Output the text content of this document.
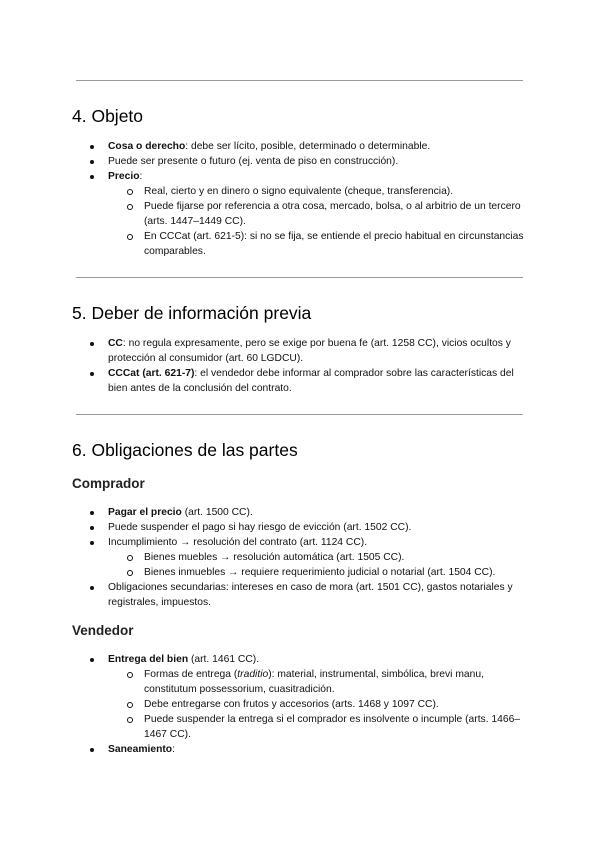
4. Objeto
Cosa o derecho: debe ser lícito, posible, determinado o determinable.
Puede ser presente o futuro (ej. venta de piso en construcción).
Precio:
Real, cierto y en dinero o signo equivalente (cheque, transferencia).
Puede fijarse por referencia a otra cosa, mercado, bolsa, o al arbitrio de un tercero (arts. 1447–1449 CC).
En CCCat (art. 621-5): si no se fija, se entiende el precio habitual en circunstancias comparables.
5. Deber de información previa
CC: no regula expresamente, pero se exige por buena fe (art. 1258 CC), vicios ocultos y protección al consumidor (art. 60 LGDCU).
CCCat (art. 621-7): el vendedor debe informar al comprador sobre las características del bien antes de la conclusión del contrato.
6. Obligaciones de las partes
Comprador
Pagar el precio (art. 1500 CC).
Puede suspender el pago si hay riesgo de evicción (art. 1502 CC).
Incumplimiento → resolución del contrato (art. 1124 CC).
Bienes muebles → resolución automática (art. 1505 CC).
Bienes inmuebles → requiere requerimiento judicial o notarial (art. 1504 CC).
Obligaciones secundarias: intereses en caso de mora (art. 1501 CC), gastos notariales y registrales, impuestos.
Vendedor
Entrega del bien (art. 1461 CC).
Formas de entrega (traditio): material, instrumental, simbólica, brevi manu, constitutum possessorium, cuasitradición.
Debe entregarse con frutos y accesorios (arts. 1468 y 1097 CC).
Puede suspender la entrega si el comprador es insolvente o incumple (arts. 1466–1467 CC).
Saneamiento:
